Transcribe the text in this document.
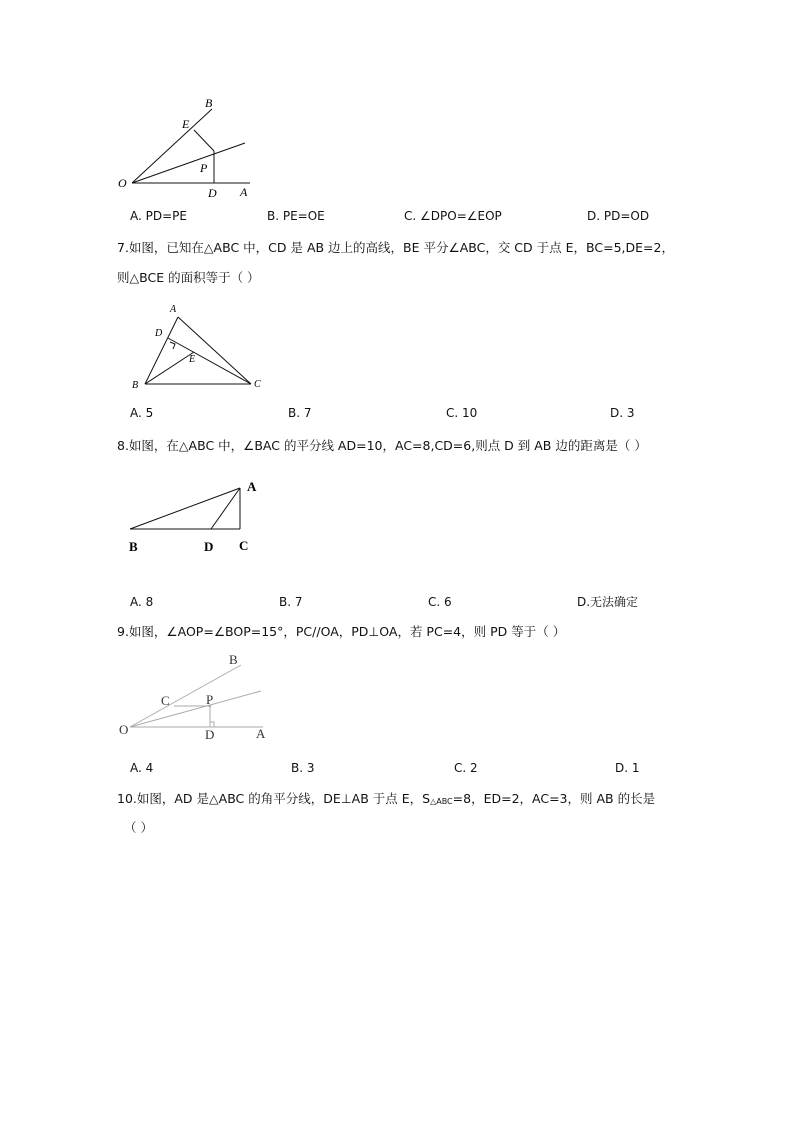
B
E
P
O
D A
A. PD=PE	B. PE=OE	C. ∠DPO=∠EOP	D. PD=OD
7.如图，已知在△ABC 中，CD 是 AB 边上的高线，BE 平分∠ABC，交 CD 于点 E，BC=5,DE=2，
则△BCE 的面积等于（ ）
A
D
E
B	C
A. 5	B. 7	C. 10	D. 3
8.如图，在△ABC 中，∠BAC 的平分线 AD=10，AC=8,CD=6,则点 D 到 AB 边的距离是（ ）
A
B	D C
A. 8	B. 7	C. 6	D.无法确定
9.如图，∠AOP=∠BOP=15°，PC//OA，PD⊥OA，若 PC=4，则 PD 等于（ ）
B
C	P
O	D	A
A. 4	B. 3	C. 2	D. 1
10.如图，AD 是△ABC 的角平分线，DE⊥AB 于点 E，$S_{\triangle ABC}=8$，ED=2，AC=3，则 AB 的长是
（ ）
